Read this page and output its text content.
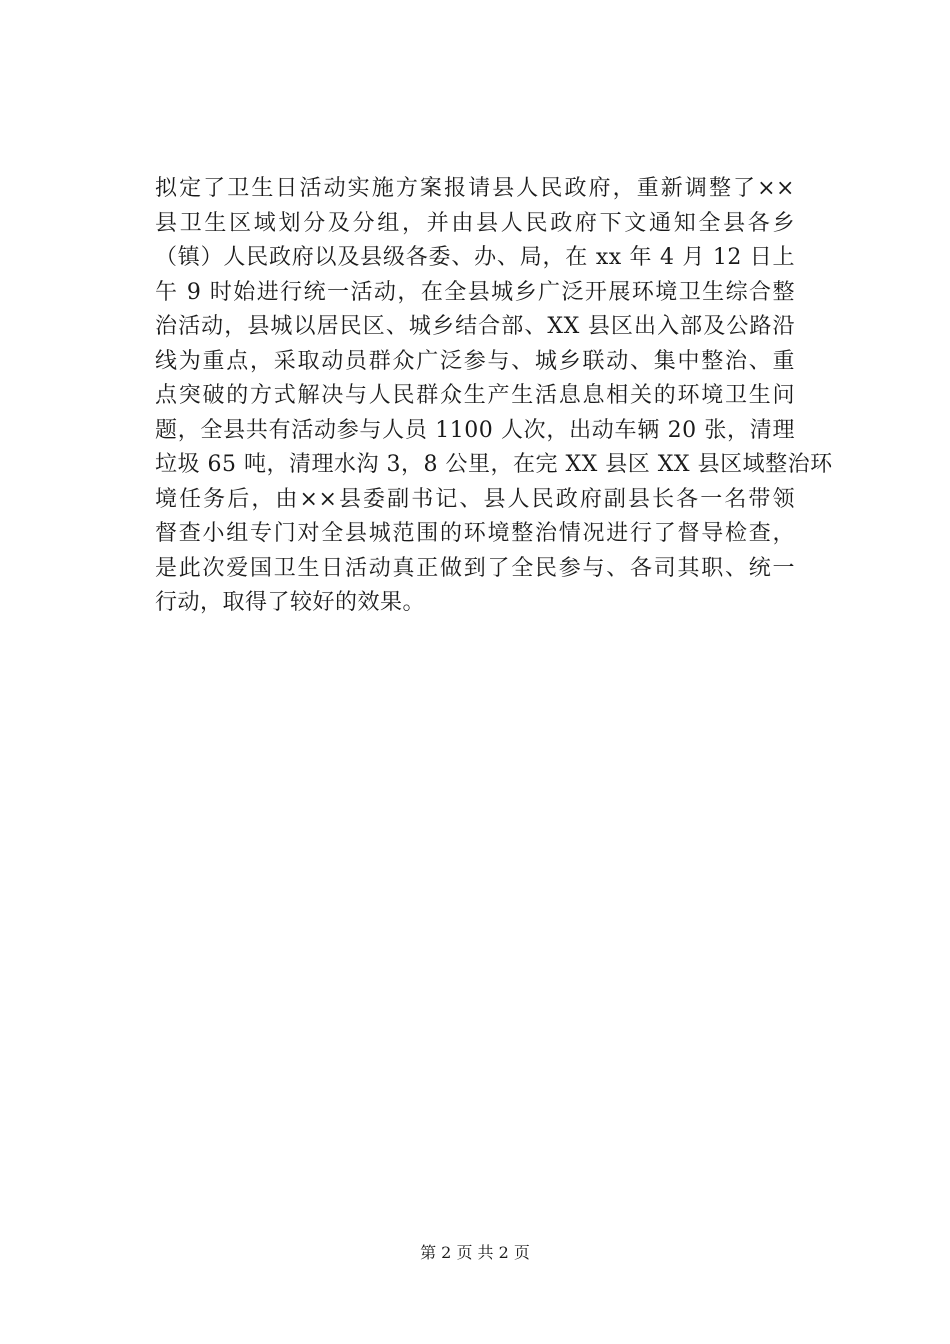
拟定了卫生日活动实施方案报请县人民政府，重新调整了××
县卫生区域划分及分组，并由县人民政府下文通知全县各乡
（镇）人民政府以及县级各委、办、局，在 xx 年 4 月 12 日上
午 9 时始进行统一活动，在全县城乡广泛开展环境卫生综合整
治活动，县城以居民区、城乡结合部、XX 县区出入部及公路沿
线为重点，采取动员群众广泛参与、城乡联动、集中整治、重
点突破的方式解决与人民群众生产生活息息相关的环境卫生问
题，全县共有活动参与人员 1100 人次，出动车辆 20 张，清理
垃圾 65 吨，清理水沟 3，8 公里，在完 XX 县区 XX 县区域整治环
境任务后，由××县委副书记、县人民政府副县长各一名带领
督查小组专门对全县城范围的环境整治情况进行了督导检查，
是此次爱国卫生日活动真正做到了全民参与、各司其职、统一
行动，取得了较好的效果。
第 2 页 共 2 页
